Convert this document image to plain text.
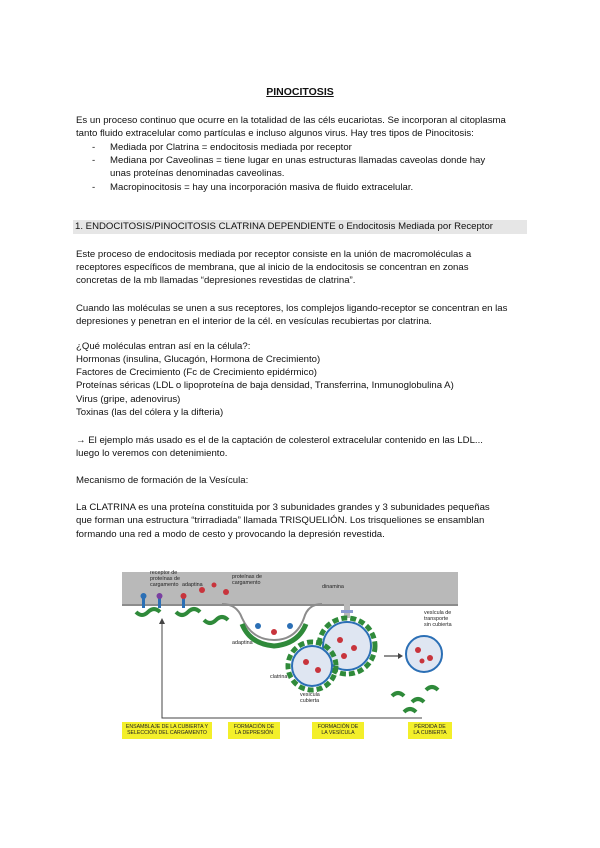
PINOCITOSIS
Es un proceso continuo que ocurre en la totalidad de las céls eucariotas. Se incorporan al citoplasma
tanto fluido extracelular como partículas e incluso algunos virus. Hay tres tipos de Pinocitosis:
- Mediada por Clatrina = endocitosis mediada por receptor
- Mediana por Caveolinas = tiene lugar en unas estructuras llamadas caveolas donde hay
unas proteínas denominadas caveolinas.
- Macropinocitosis = hay una incorporación masiva de fluido extracelular.
1. ENDOCITOSIS/PINOCITOSIS CLATRINA DEPENDIENTE o Endocitosis Mediada por Receptor
Este proceso de endocitosis mediada por receptor consiste en la unión de macromoléculas a
receptores específicos de membrana, que al inicio de la endocitosis se concentran en zonas
concretas de la mb llamadas “depresiones revestidas de clatrina”.
Cuando las moléculas se unen a sus receptores, los complejos ligando-receptor se concentran en las
depresiones y penetran en el interior de la cél. en vesículas recubiertas por clatrina.
¿Qué moléculas entran así en la célula?:
Hormonas (insulina, Glucagón, Hormona de Crecimiento)
Factores de Crecimiento (Fc de Crecimiento epidérmico)
Proteínas séricas (LDL o lipoproteína de baja densidad, Transferrina, Inmunoglobulina A)
Virus (gripe, adenovirus)
Toxinas (las del cólera y la difteria)
→ El ejemplo más usado es el de la captación de colesterol extracelular contenido en las LDL...
luego lo veremos con detenimiento.
Mecanismo de formación de la Vesícula:
La CLATRINA es una proteína constituida por 3 subunidades grandes y 3 subunidades pequeñas
que forman una estructura “trirradiada” llamada TRISQUELIÓN. Los trisqueliones se ensamblan
formando una red a modo de cesto y provocando la depresión revestida.
receptor de
proteínas de
cargamento adaptina
proteínas de
cargamento
dinamina
vesícula de
transporte
sin cubierta
adaptina
clatrina
vesícula
cubierta
ENSAMBLAJE DE LA CUBIERTA Y
SELECCIÓN DEL CARGAMENTO
FORMACIÓN DE
LA DEPRESIÓN
FORMACIÓN DE
LA VESÍCULA
PÉRDIDA DE
LA CUBIERTA
